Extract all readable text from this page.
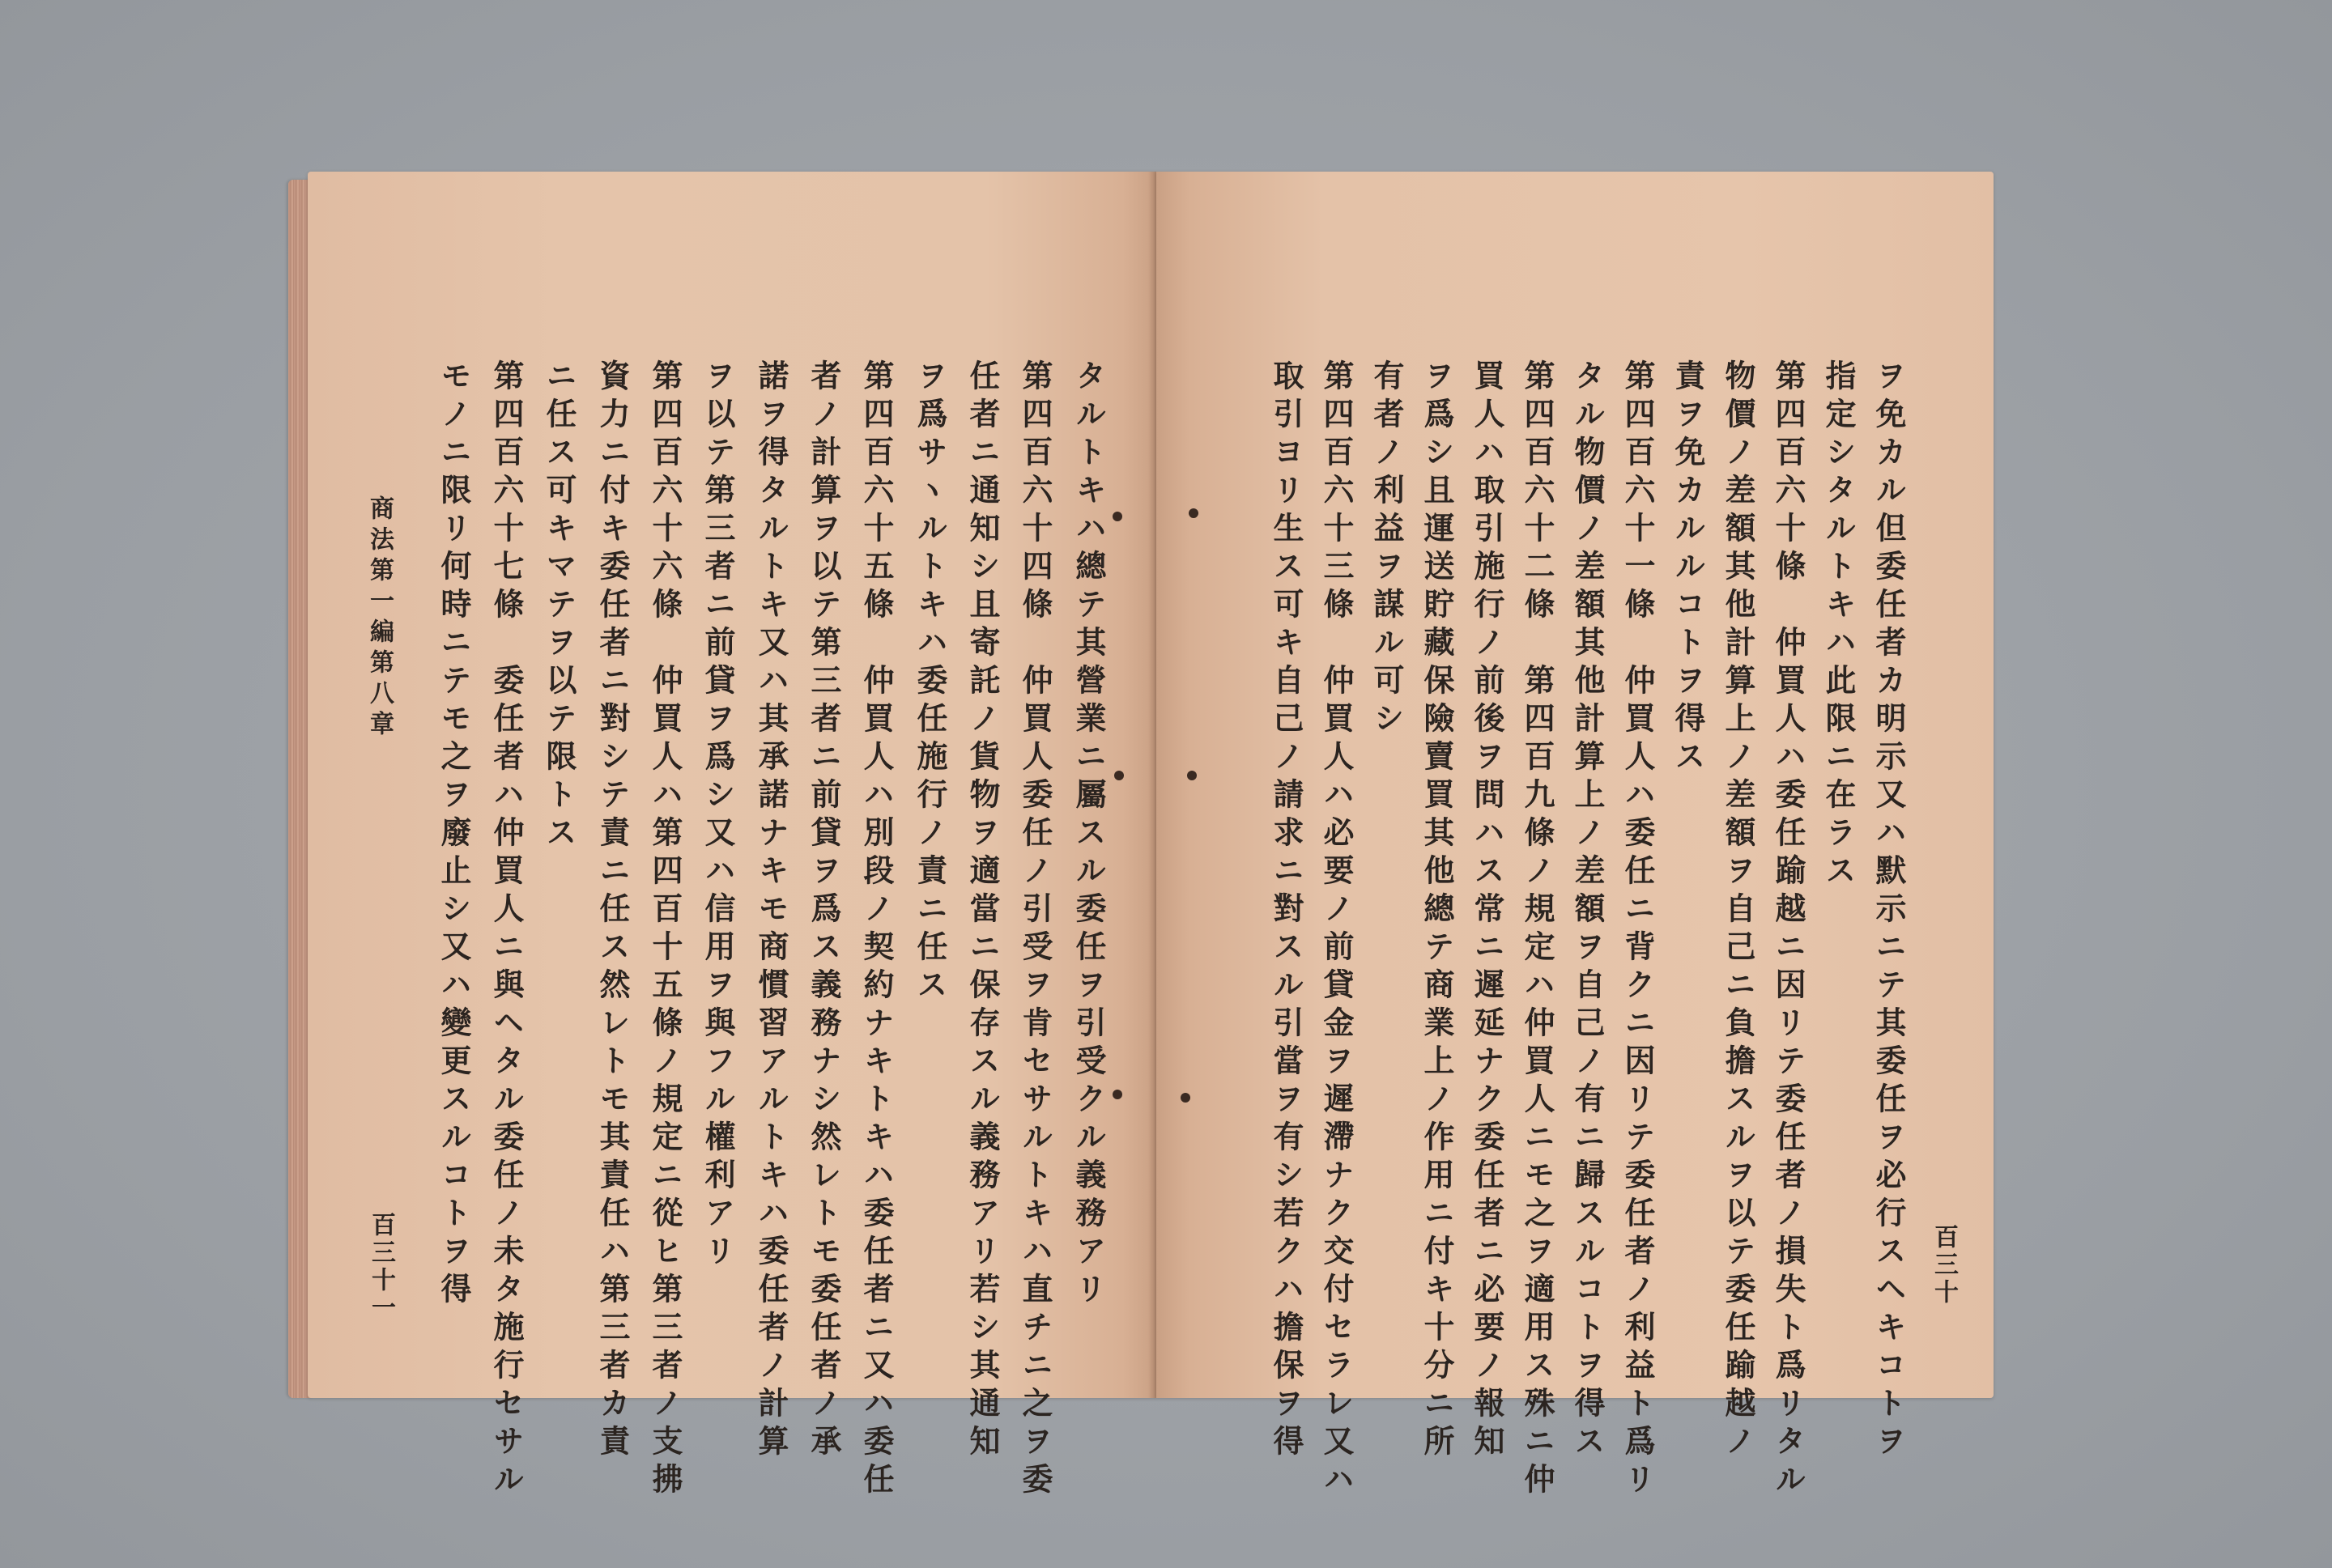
タルトキハ總テ其營業ニ屬スル委任ヲ引受クル義務アリ
第四百六十四條　仲買人委任ノ引受ヲ肯セサルトキハ直チニ之ヲ委
任者ニ通知シ且寄託ノ貨物ヲ適當ニ保存スル義務アリ若シ其通知
ヲ爲サヽルトキハ委任施行ノ責ニ任ス
第四百六十五條　仲買人ハ別段ノ契約ナキトキハ委任者ニ又ハ委任
者ノ計算ヲ以テ第三者ニ前貸ヲ爲ス義務ナシ然レトモ委任者ノ承
諾ヲ得タルトキ又ハ其承諾ナキモ商慣習アルトキハ委任者ノ計算
ヲ以テ第三者ニ前貸ヲ爲シ又ハ信用ヲ與フル權利アリ
第四百六十六條　仲買人ハ第四百十五條ノ規定ニ從ヒ第三者ノ支拂
資力ニ付キ委任者ニ對シテ責ニ任ス然レトモ其責任ハ第三者カ責
ニ任ス可キマテヲ以テ限トス
第四百六十七條　委任者ハ仲買人ニ與ヘタル委任ノ未タ施行セサル
モノニ限リ何時ニテモ之ヲ廢止シ又ハ變更スルコトヲ得
商法第一編第八章
百三十一	ヲ免カル但委任者カ明示又ハ默示ニテ其委任ヲ必行スヘキコトヲ
指定シタルトキハ此限ニ在ラス
第四百六十條　仲買人ハ委任踰越ニ因リテ委任者ノ損失ト爲リタル
物價ノ差額其他計算上ノ差額ヲ自己ニ負擔スルヲ以テ委任踰越ノ
責ヲ免カルルコトヲ得ス
第四百六十一條　仲買人ハ委任ニ背クニ因リテ委任者ノ利益ト爲リ
タル物價ノ差額其他計算上ノ差額ヲ自己ノ有ニ歸スルコトヲ得ス
第四百六十二條　第四百九條ノ規定ハ仲買人ニモ之ヲ適用ス殊ニ仲
買人ハ取引施行ノ前後ヲ問ハス常ニ遲延ナク委任者ニ必要ノ報知
ヲ爲シ且運送貯藏保險賣買其他總テ商業上ノ作用ニ付キ十分ニ所
有者ノ利益ヲ謀ル可シ
第四百六十三條　仲買人ハ必要ノ前貸金ヲ遲滯ナク交付セラレ又ハ
取引ヨリ生ス可キ自己ノ請求ニ對スル引當ヲ有シ若クハ擔保ヲ得	百三十
